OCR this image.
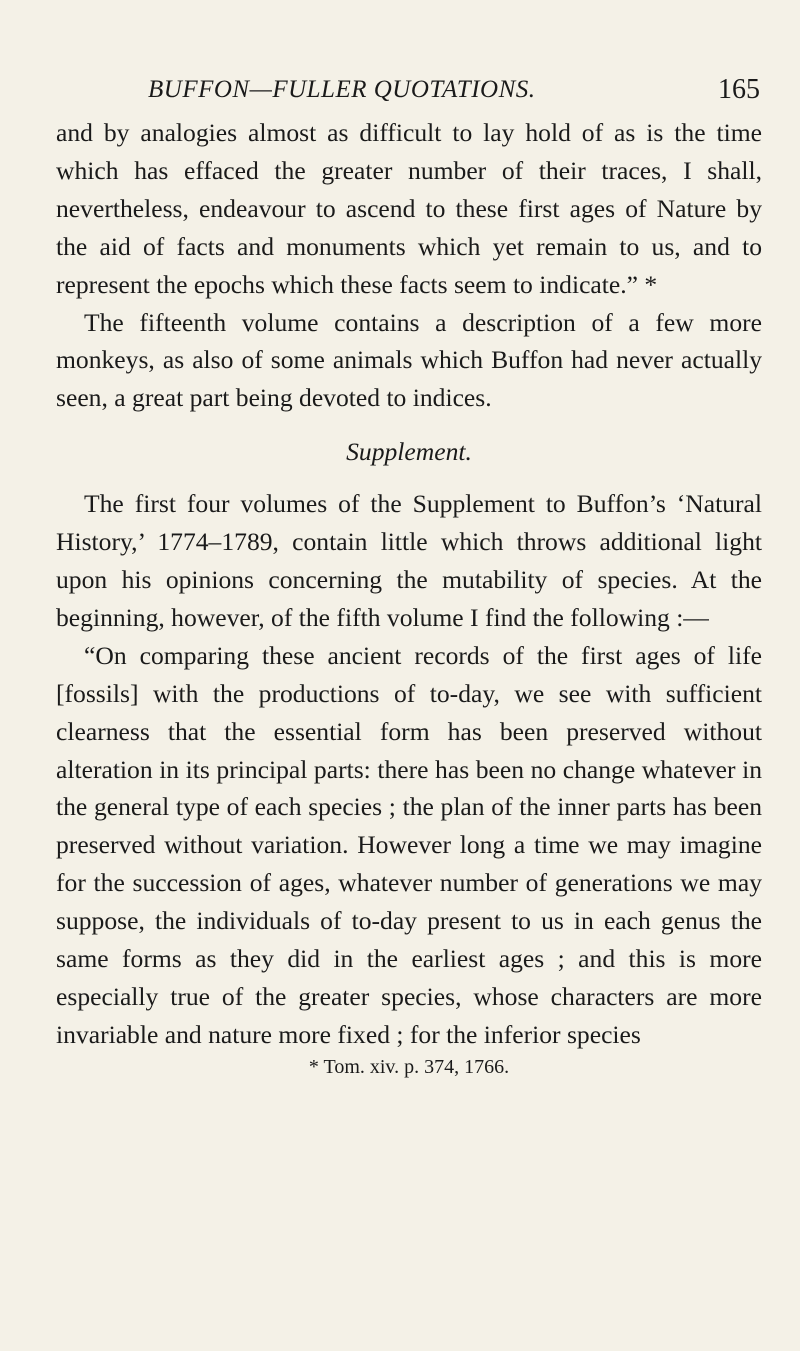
BUFFON—FULLER QUOTATIONS.	165

and by analogies almost as difficult to lay hold of as is the time which has effaced the greater number of their traces, I shall, nevertheless, endeavour to ascend to these first ages of Nature by the aid of facts and monuments which yet remain to us, and to represent the epochs which these facts seem to indicate.” *

The fifteenth volume contains a description of a few more monkeys, as also of some animals which Buffon had never actually seen, a great part being devoted to indices.

Supplement.

The first four volumes of the Supplement to Buffon’s ‘Natural History,’ 1774–1789, contain little which throws additional light upon his opinions concerning the mutability of species. At the beginning, however, of the fifth volume I find the following :—

“On comparing these ancient records of the first ages of life [fossils] with the productions of to-day, we see with sufficient clearness that the essential form has been preserved without alteration in its principal parts: there has been no change whatever in the general type of each species ; the plan of the inner parts has been preserved without variation. However long a time we may imagine for the succession of ages, whatever number of generations we may suppose, the individuals of to-day present to us in each genus the same forms as they did in the earliest ages ; and this is more especially true of the greater species, whose characters are more invariable and nature more fixed ; for the inferior species

* Tom. xiv. p. 374, 1766.
